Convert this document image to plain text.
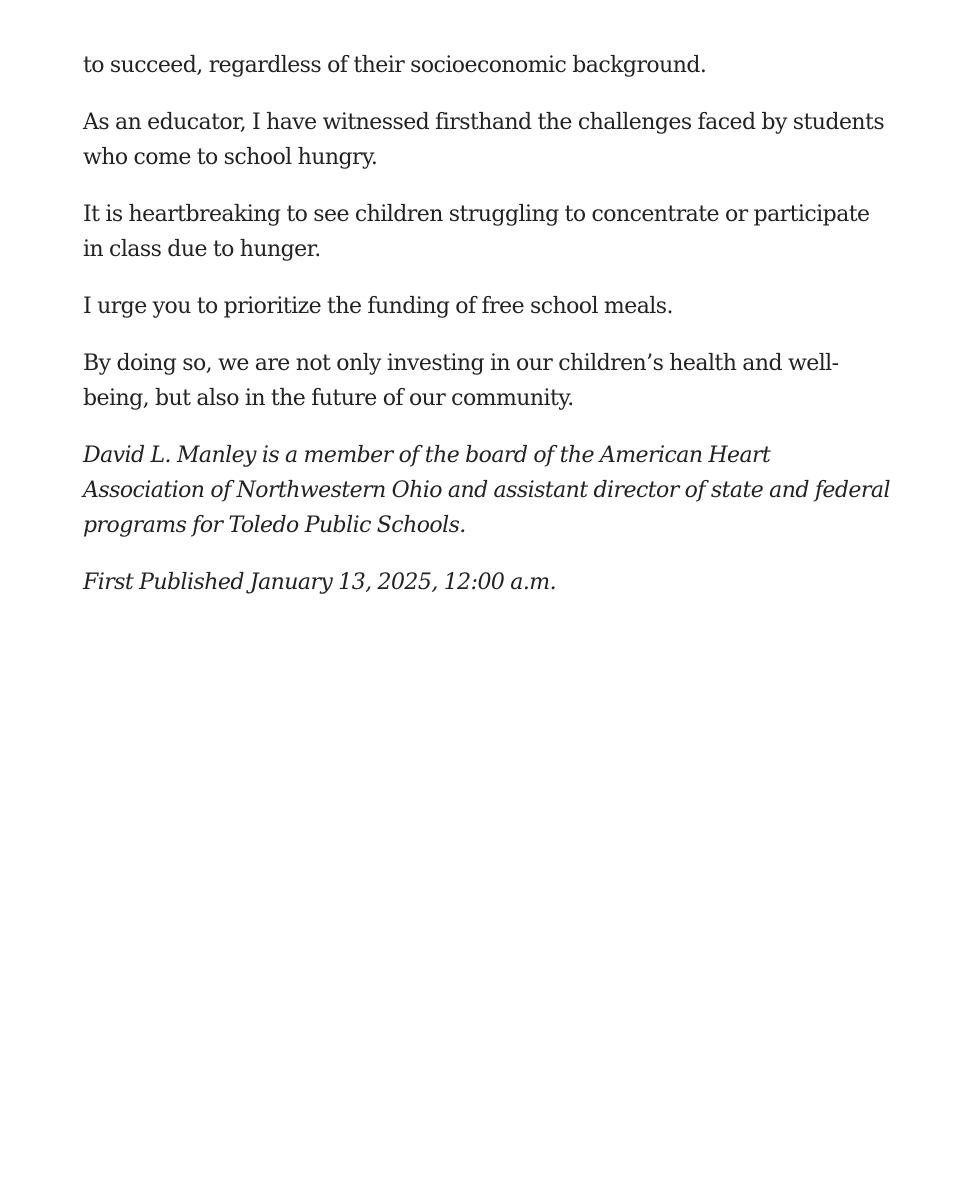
to succeed, regardless of their socioeconomic background.

As an educator, I have witnessed firsthand the challenges faced by students who come to school hungry.

It is heartbreaking to see children struggling to concentrate or participate in class due to hunger.

I urge you to prioritize the funding of free school meals.

By doing so, we are not only investing in our children’s health and well-being, but also in the future of our community.

David L. Manley is a member of the board of the American Heart Association of Northwestern Ohio and assistant director of state and federal programs for Toledo Public Schools.

First Published January 13, 2025, 12:00 a.m.
